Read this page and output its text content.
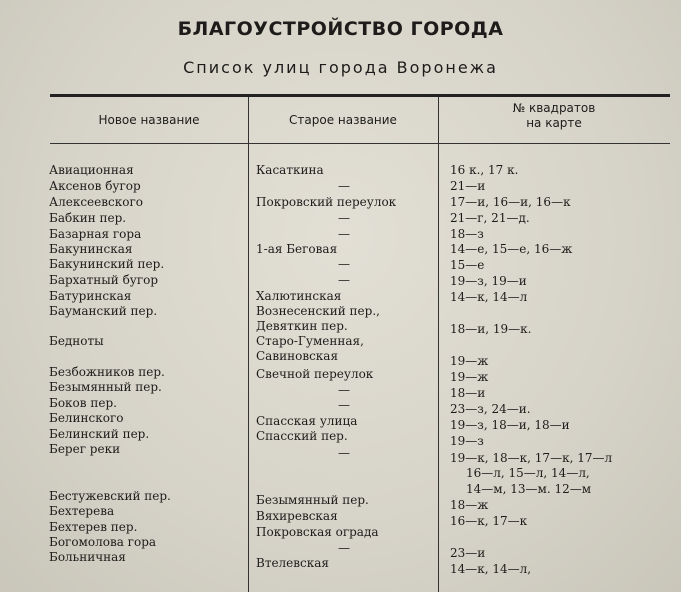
БЛАГОУСТРОЙСТВО ГОРОДА
Список улиц города Воронежа
Новое название	Старое название
№ квадратов
на карте
Авиационная
Аксенов бугор
Алексеевского
Бабкин пер.
Базарная гора
Бакунинская
Бакунинский пер.
Бархатный бугор
Батуринская
Бауманский пер.
Бедноты
Безбожников пер.
Безымянный пер.
Боков пер.
Белинского
Белинский пер.
Берег реки
Бестужевский пер.
Бехтерева
Бехтерев пер.
Богомолова гора
Больничная
Касаткина
—
Покровский переулок
—
—
1-ая Беговая
—
—
Халютинская
Вознесенский пер.,
Девяткин пер.
Старо-Гуменная,
Савиновская
Свечной переулок
—
—
Спасская улица
Спасский пер.
—
Безымянный пер.
Вяхиревская
Покровская ограда
—
Втелевская
16 к., 17 к.
21—и
17—и, 16—и, 16—к
21—г, 21—д.
18—з
14—е, 15—е, 16—ж
15—е
19—з, 19—и
14—к, 14—л
18—и, 19—к.
19—ж
19—ж
18—и
23—з, 24—и.
19—з, 18—и, 18—и
19—з
19—к, 18—к, 17—к, 17—л
16—л, 15—л, 14—л,
14—м, 13—м. 12—м
18—ж
16—к, 17—к
23—и
14—к, 14—л,
